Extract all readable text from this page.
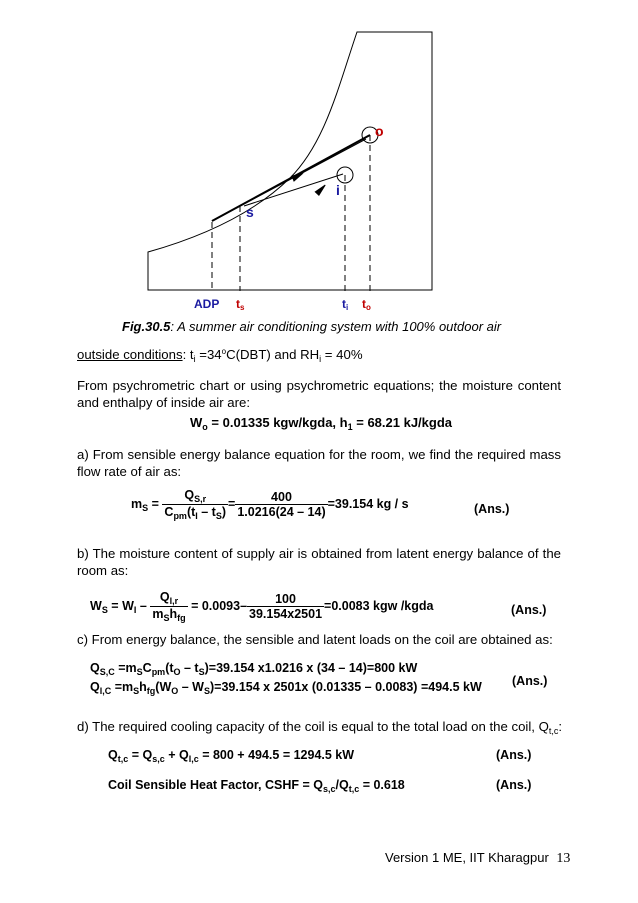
o
i
s
ADP ts	ti to
Fig.30.5: A summer air conditioning system with 100% outdoor air
outside conditions: $t_i =34^oC(DBT)$ and $RH_i = 40\%$
From psychrometric chart or using psychrometric equations; the moisture content and enthalpy of inside air are:
$W_o = 0.01335$ kgw/kgda, $h_1 = 68.21$ kJ/kgda
a) From sensible energy balance equation for the room, we find the required mass flow rate of air as:
$m_S = \frac{Q_{S,r}}{C_{pm}(t_I - t_S)} = \frac{400}{1.0216(24 - 14)} =39.154$ kg / s	(Ans.)
b) The moisture content of supply air is obtained from latent energy balance of the room as:
$W_S = W_I - \frac{Q_{l,r}}{m_Sh_{fg}} = 0.0093- \frac{100}{39.154x2501} =0.0083$ kgw /kgda	(Ans.)
c) From energy balance, the sensible and latent loads on the coil are obtained as:
$Q_{S,C} =m_SC_{pm}(t_O - t_S)=39.154$ x1.0216 x (34 – 14)=800 kW
$Q_{l,C} =m_Sh_{fg}(W_O - W_S)=39.154$ x 2501x (0.01335 – 0.0083) =494.5 kW (Ans.)
d) The required cooling capacity of the coil is equal to the total load on the coil, $Q_{t,c}$:
$Q_{t,c} = Q_{s,c} + Q_{l,c} = 800 + 494.5 = 1294.5$ kW	(Ans.)
Coil Sensible Heat Factor, CSHF = $Q_{s,c}/Q_{t,c} = 0.618$	(Ans.)
Version 1 ME, IIT Kharagpur 13
